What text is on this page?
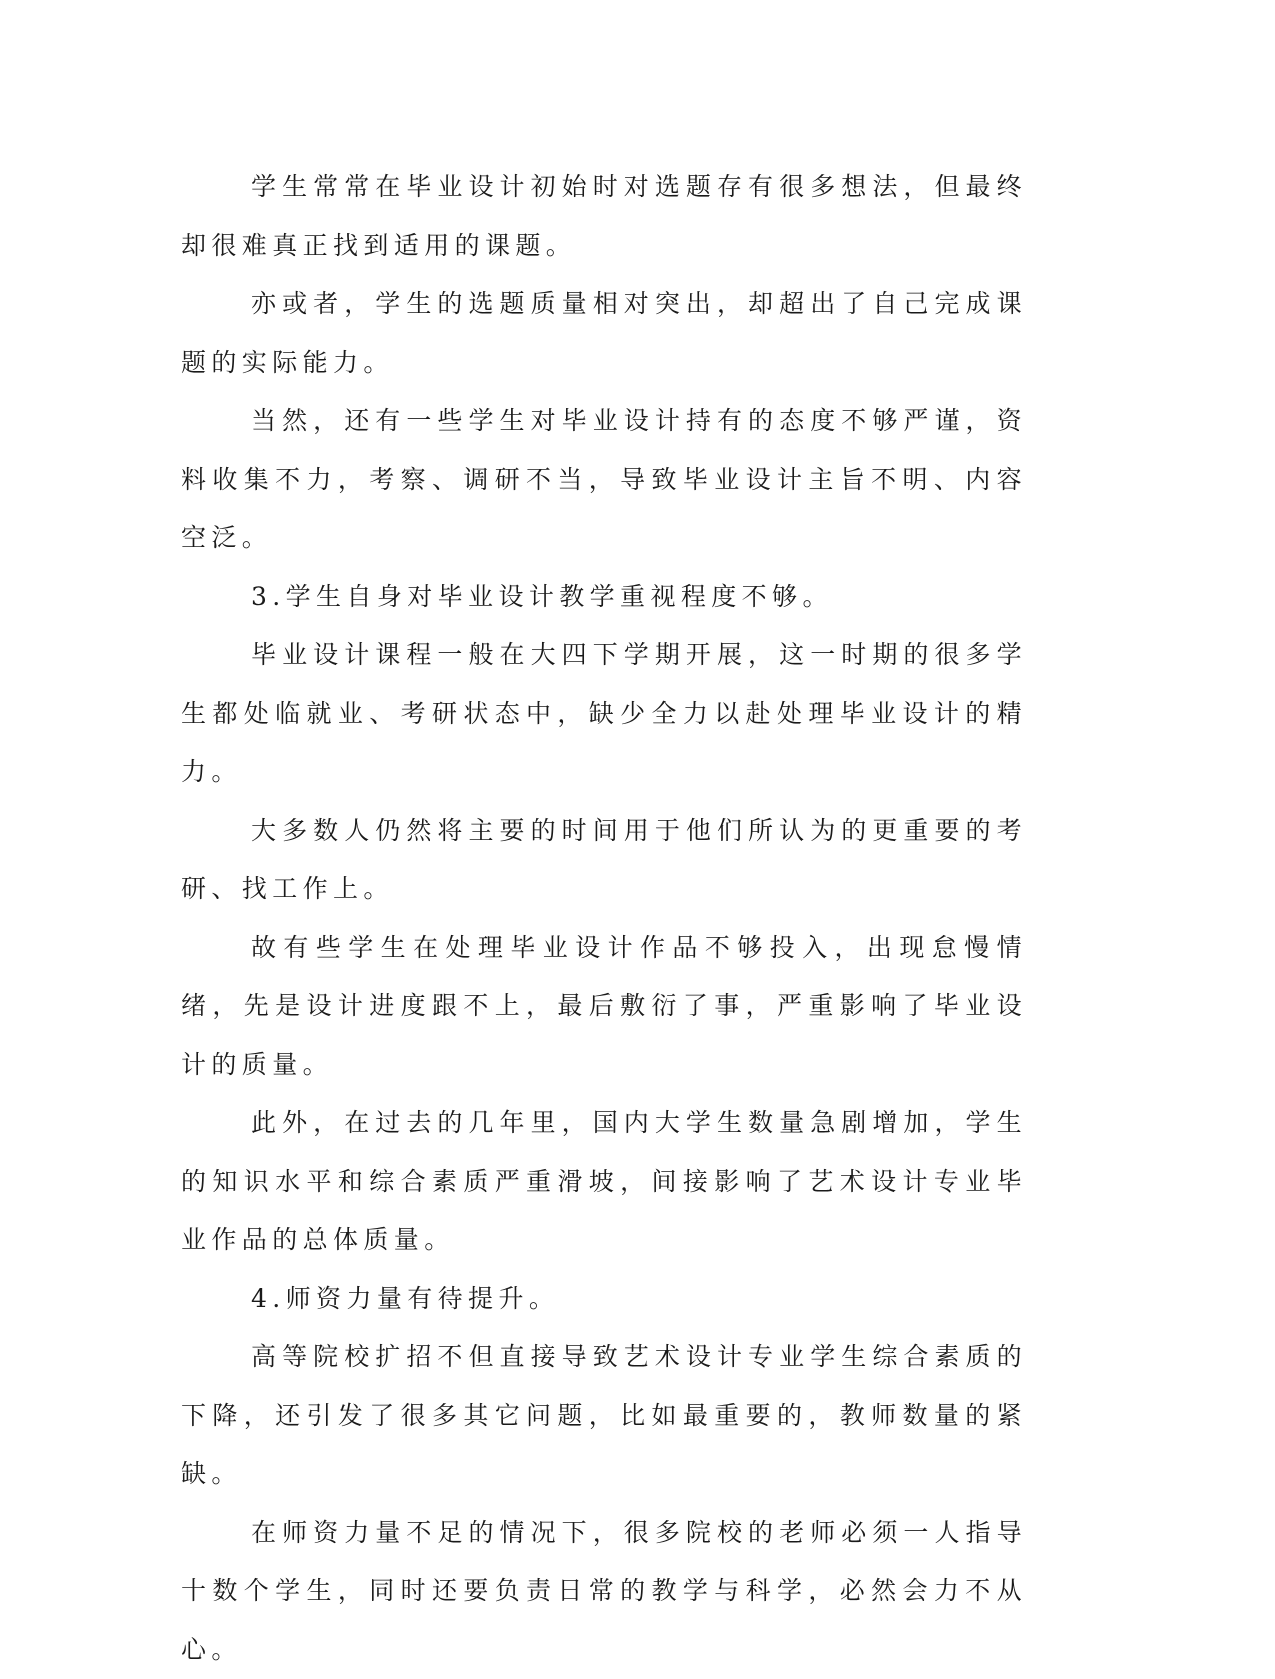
学生常常在毕业设计初始时对选题存有很多想法，但最终却很难真正找到适用的课题。

亦或者，学生的选题质量相对突出，却超出了自己完成课题的实际能力。

当然，还有一些学生对毕业设计持有的态度不够严谨，资料收集不力，考察、调研不当，导致毕业设计主旨不明、内容空泛。

3.学生自身对毕业设计教学重视程度不够。

毕业设计课程一般在大四下学期开展，这一时期的很多学生都处临就业、考研状态中，缺少全力以赴处理毕业设计的精力。

大多数人仍然将主要的时间用于他们所认为的更重要的考研、找工作上。

故有些学生在处理毕业设计作品不够投入，出现怠慢情绪，先是设计进度跟不上，最后敷衍了事，严重影响了毕业设计的质量。

此外，在过去的几年里，国内大学生数量急剧增加，学生的知识水平和综合素质严重滑坡，间接影响了艺术设计专业毕业作品的总体质量。

4.师资力量有待提升。

高等院校扩招不但直接导致艺术设计专业学生综合素质的下降，还引发了很多其它问题，比如最重要的，教师数量的紧缺。

在师资力量不足的情况下，很多院校的老师必须一人指导十数个学生，同时还要负责日常的教学与科学，必然会力不从心。
